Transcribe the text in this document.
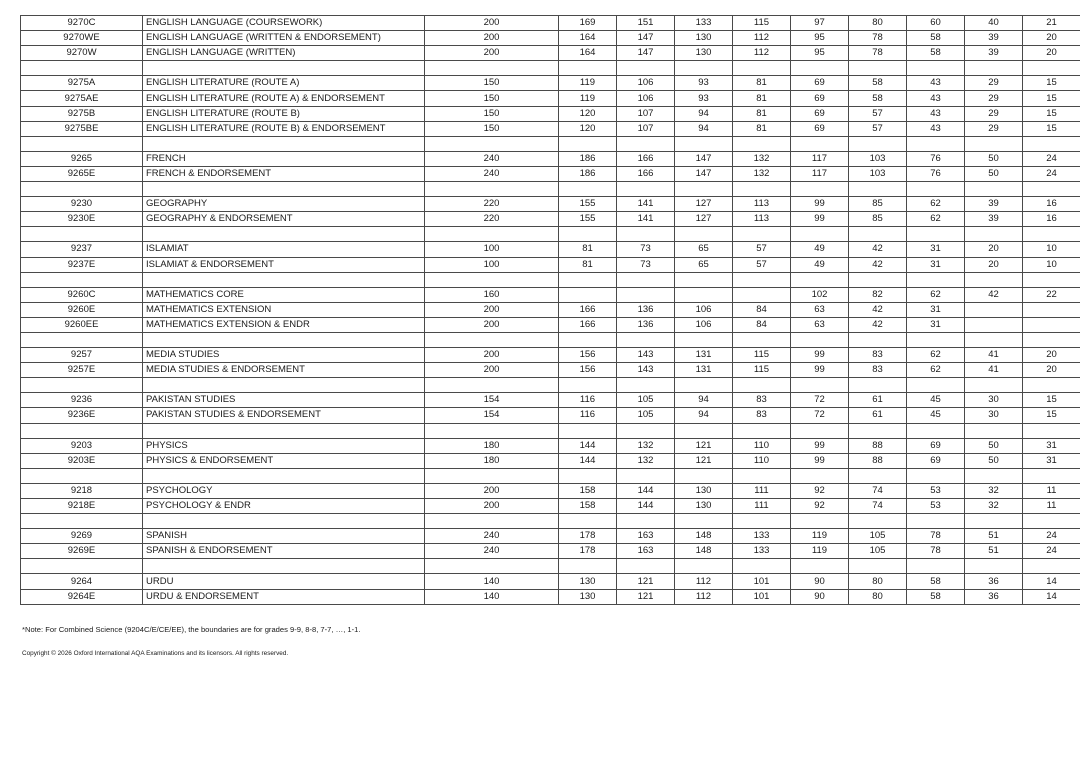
9270C	ENGLISH LANGUAGE (COURSEWORK)	200	169	151	133	115	97	80	60	40	21
9270WE	ENGLISH LANGUAGE (WRITTEN & ENDORSEMENT)	200	164	147	130	112	95	78	58	39	20
9270W	ENGLISH LANGUAGE (WRITTEN)	200	164	147	130	112	95	78	58	39	20

9275A	ENGLISH LITERATURE (ROUTE A)	150	119	106	93	81	69	58	43	29	15
9275AE	ENGLISH LITERATURE (ROUTE A) & ENDORSEMENT	150	119	106	93	81	69	58	43	29	15
9275B	ENGLISH LITERATURE (ROUTE B)	150	120	107	94	81	69	57	43	29	15
9275BE	ENGLISH LITERATURE (ROUTE B) & ENDORSEMENT	150	120	107	94	81	69	57	43	29	15

9265	FRENCH	240	186	166	147	132	117	103	76	50	24
9265E	FRENCH & ENDORSEMENT	240	186	166	147	132	117	103	76	50	24

9230	GEOGRAPHY	220	155	141	127	113	99	85	62	39	16
9230E	GEOGRAPHY & ENDORSEMENT	220	155	141	127	113	99	85	62	39	16

9237	ISLAMIAT	100	81	73	65	57	49	42	31	20	10
9237E	ISLAMIAT & ENDORSEMENT	100	81	73	65	57	49	42	31	20	10

9260C	MATHEMATICS CORE	160					102	82	62	42	22
9260E	MATHEMATICS EXTENSION	200	166	136	106	84	63	42	31		
9260EE	MATHEMATICS EXTENSION & ENDR	200	166	136	106	84	63	42	31		

9257	MEDIA STUDIES	200	156	143	131	115	99	83	62	41	20
9257E	MEDIA STUDIES & ENDORSEMENT	200	156	143	131	115	99	83	62	41	20

9236	PAKISTAN STUDIES	154	116	105	94	83	72	61	45	30	15
9236E	PAKISTAN STUDIES & ENDORSEMENT	154	116	105	94	83	72	61	45	30	15

9203	PHYSICS	180	144	132	121	110	99	88	69	50	31
9203E	PHYSICS & ENDORSEMENT	180	144	132	121	110	99	88	69	50	31

9218	PSYCHOLOGY	200	158	144	130	111	92	74	53	32	11
9218E	PSYCHOLOGY & ENDR	200	158	144	130	111	92	74	53	32	11

9269	SPANISH	240	178	163	148	133	119	105	78	51	24
9269E	SPANISH & ENDORSEMENT	240	178	163	148	133	119	105	78	51	24

9264	URDU	140	130	121	112	101	90	80	58	36	14
9264E	URDU & ENDORSEMENT	140	130	121	112	101	90	80	58	36	14
*Note: For Combined Science (9204C/E/CE/EE), the boundaries are for grades 9-9, 8-8, 7-7, …, 1-1.
Copyright © 2026 Oxford International AQA Examinations and its licensors. All rights reserved.
